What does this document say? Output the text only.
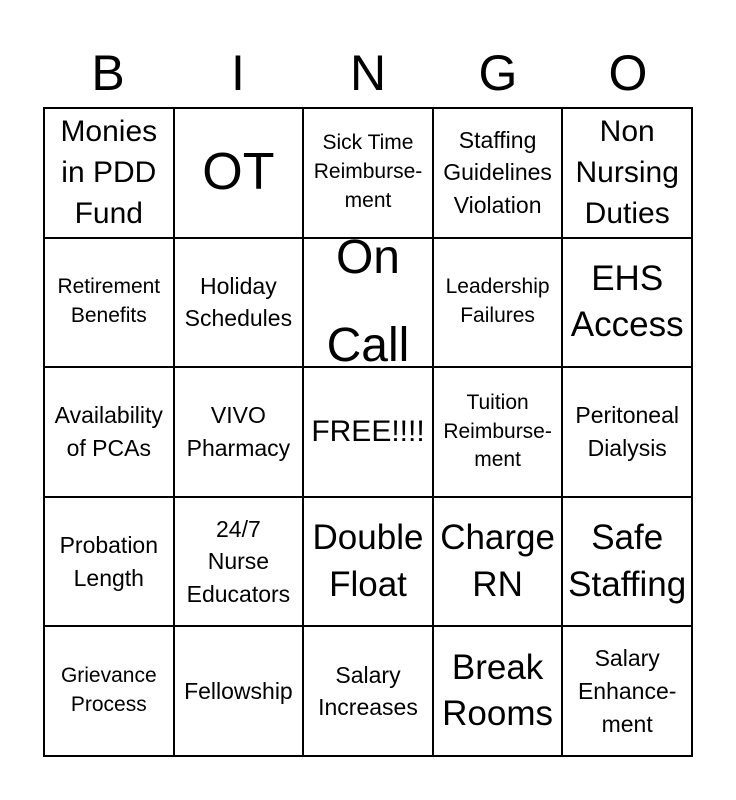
B	I	N	G	O
Monies
in PDD
Fund
OT
Sick Time
Reimburse-
ment
Staffing
Guidelines
Violation
Non
Nursing
Duties
Retirement
Benefits
Holiday
Schedules
On
Call
Leadership
Failures
EHS
Access
Availability
of PCAs
VIVO
Pharmacy FREE!!!!
Tuition
Reimburse-
ment
Peritoneal
Dialysis
Probation
Length
24/7
Nurse
Educators
Double
Float
Charge
RN
Safe
Staffing
Grievance
Process
Fellowship
Salary
Increases
Break
Rooms
Salary
Enhance-
ment
